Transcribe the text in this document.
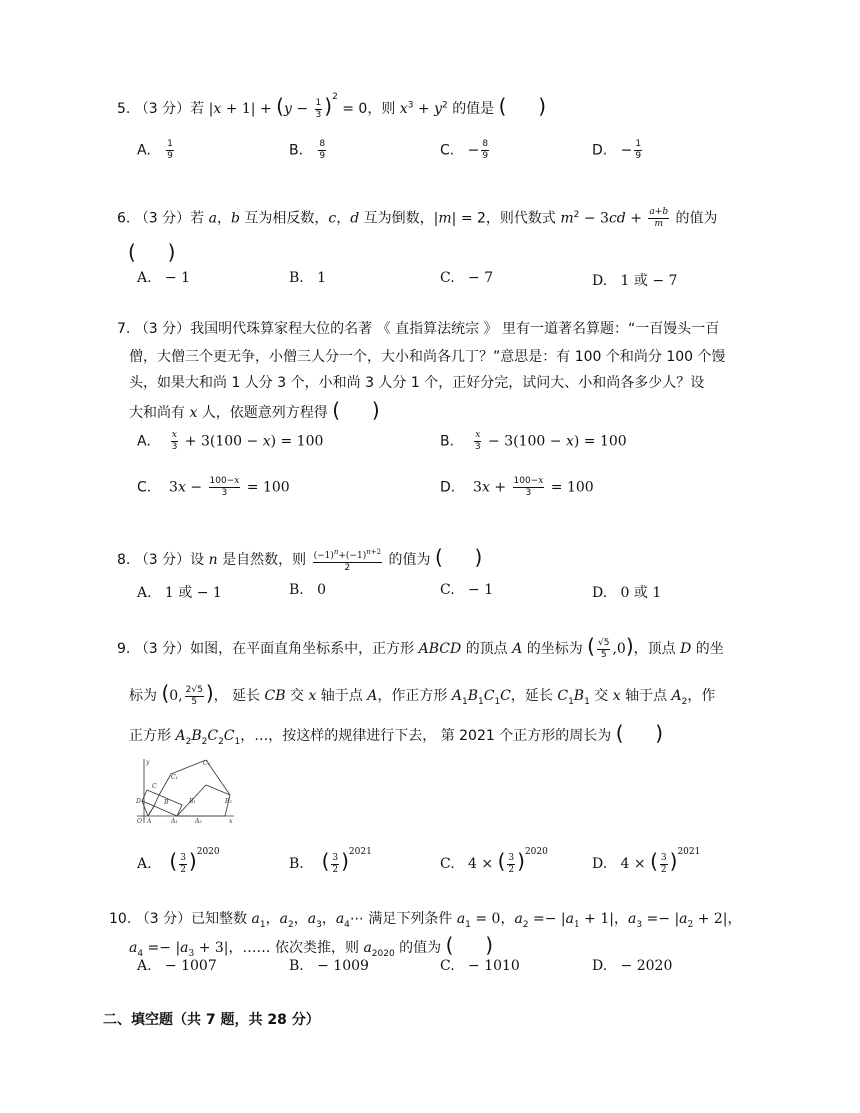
5. （3 分）若 $|x + 1| + (y - \frac{1}{3} )^2 = 0$，则 $x^3 + y^2$ 的值是 (     )
A. $\frac{1}{9}$	B. $\frac{8}{9}$	C. − $\frac{8}{9}$	D. − $\frac{1}{9}$
6. （3 分）若 a，b 互为相反数，c，d 互为倒数，|m| = 2，则代数式 $m^2 - 3cd + \frac{a+b}{m}$ 的值为
(     )
A. − 1	B. 1	C. − 7	D. 1 或 − 7
7. （3 分）我国明代珠算家程大位的名著 《 直指算法统宗 》 里有一道著名算题：“一百馒头一百
僧，大僧三个更无争，小僧三人分一个，大小和尚各几丁？”意思是：有 100 个和尚分 100 个馒
头，如果大和尚 1 人分 3 个，小和尚 3 人分 1 个，正好分完，试问大、小和尚各多少人？设
大和尚有 x 人，依题意列方程得 (     )
A. $\frac{x}{3} + 3(100 - x) = 100$	B. $\frac{x}{3} - 3(100 - x) = 100$
C. $3x - \frac{100-x}{3} = 100$	D. $3x + \frac{100-x}{3} = 100$
8. （3 分）设 n 是自然数，则 $\frac{(-1)^n+(-1)^{n+2}}{2}$ 的值为 (     )
A. 1 或 − 1	B. 0	C. − 1	D. 0 或 1
9. （3 分）如图，在平面直角坐标系中，正方形 ABCD 的顶点 A 的坐标为 ( $\frac{√5}{5} ,0$)，顶点 D 的坐
标为 (0, $\frac{2√5}{5}$ )， 延长 CB 交 x 轴于点 A，作正方形 $A_1B_1C_1C$，延长 $C_1B_1$ 交 x 轴于点 $A_2$，作
正方形 $A_2B_2C_2C_1$，…，按这样的规律进行下去， 第 2021 个正方形的周长为 (     )
y	C₂
C₁
C
D	B	B₁	B₂
O A	A₁	A₂	x
A. ( $\frac{3}{2} )^{2020}$
B. ( $\frac{3}{2} )^{2021}$
C. 4 × ( $\frac{3}{2} )^{2020}$
D. 4 × ( $\frac{3}{2} )^{2021}$
10. （3 分）已知整数 $a_1$，$a_2$，$a_3$，$a_4\cdots$ 满足下列条件 $a_1 = 0$，$a_2 =- |a_1 + 1|$，$a_3 =- |a_2 + 2|$，
$a_4 =- |a_3 + 3|$，…… 依次类推，则 $a_{2020}$ 的值为 (     )
A. − 1007	B. − 1009	C. − 1010	D. − 2020
二、填空题（共 7 题，共 28 分）
